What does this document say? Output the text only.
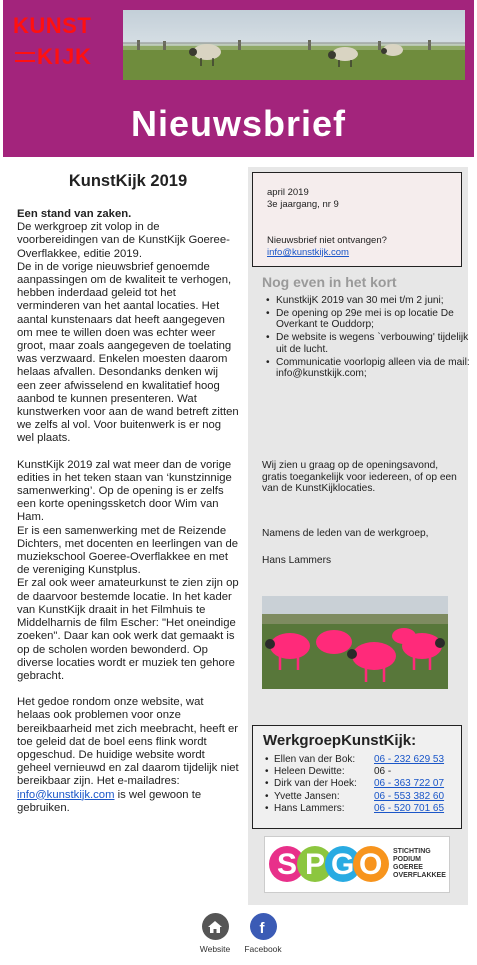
KUNST
K I J K
Nieuwsbrief
KunstKijk 2019

Een stand van zaken.

De werkgroep zit volop in de voorbereidingen van de KunstKijk Goeree-Overflakkee, editie 2019.

De in de vorige nieuwsbrief genoemde aanpassingen om de kwaliteit te verhogen, hebben inderdaad geleid tot het verminderen van het aantal locaties. Het aantal kunstenaars dat heeft aangegeven om mee te willen doen was echter weer groot, maar zoals aangegeven de toelating was verzwaard. Enkelen moesten daarom helaas afvallen. Desondanks denken wij een zeer afwisselend en kwalitatief hoog aanbod te kunnen presenteren. Wat kunstwerken voor aan de wand betreft zitten we zelfs al vol. Voor buitenwerk is er nog wel plaats.

KunstKijk 2019 zal wat meer dan de vorige edities in het teken staan van ‘kunstzinnige samenwerking’. Op de opening is er zelfs een korte openingssketch door Wim van Ham.

Er is een samenwerking met de Reizende Dichters, met docenten en leerlingen van de muziekschool Goeree-Overflakkee en met de vereniging Kunstplus.

Er zal ook weer amateurkunst te zien zijn op de daarvoor bestemde locatie. In het kader van KunstKijk draait in het Filmhuis te Middelharnis de film Escher: "Het oneindige zoeken". Daar kan ook werk dat gemaakt is op de scholen worden bewonderd. Op diverse locaties wordt er muziek ten gehore gebracht.

Het gedoe rondom onze website, wat helaas ook problemen voor onze bereikbaarheid met zich meebracht, heeft er toe geleid dat de boel eens flink wordt opgeschud. De huidige website wordt geheel vernieuwd en zal daarom tijdelijk niet bereikbaar zijn. Het e-mailadres: info@kunstkijk.com is wel gewoon te gebruiken.

april 2019
3e jaargang, nr 9
Nieuwsbrief niet ontvangen?
info@kunstkijk.com
Nog even in het kort
• KunstkijK 2019 van 30 mei t/m 2 juni;
• De opening op 29e mei is op locatie De Overkant te Ouddorp;
• De website is wegens `verbouwing' tijdelijk uit de lucht.
• Communicatie voorlopig alleen via de mail: info@kunstkijk.com;
Wij zien u graag op de openingsavond, gratis toegankelijk voor iedereen, of op een van de KunstKijklocaties.
Namens de leden van de werkgroep,
Hans Lammers
WerkgroepKunstKijk:
• Ellen van der Bok: 06 - 232 629 53
• Heleen Dewitte:	06 -
• Dirk van der Hoek: 06 - 363 722 07
• Yvette Jansen:	06 - 553 382 60
• Hans Lammers:	06 - 520 701 65
S P G O STICHTING
PODIUM
GOEREE
OVERFLAKKEE
Website
f
Facebook
